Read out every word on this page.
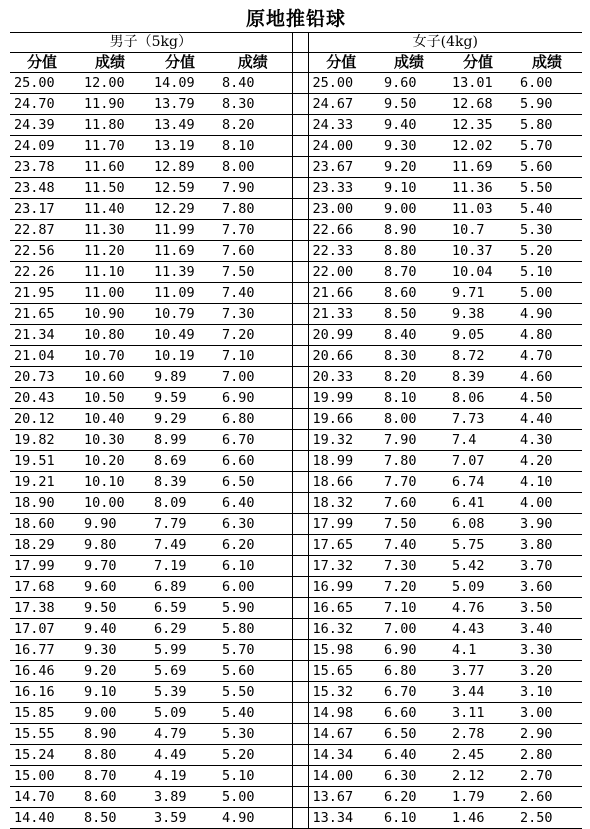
原地推铅球
男子（5kg）					女子(4kg)			
分值	成绩	分值	成绩		分值	成绩	分值	成绩
25.00	12.00	14.09	8.40		25.00	9.60	13.01	6.00
24.70	11.90	13.79	8.30		24.67	9.50	12.68	5.90
24.39	11.80	13.49	8.20		24.33	9.40	12.35	5.80
24.09	11.70	13.19	8.10		24.00	9.30	12.02	5.70
23.78	11.60	12.89	8.00		23.67	9.20	11.69	5.60
23.48	11.50	12.59	7.90		23.33	9.10	11.36	5.50
23.17	11.40	12.29	7.80		23.00	9.00	11.03	5.40
22.87	11.30	11.99	7.70		22.66	8.90	10.7	5.30
22.56	11.20	11.69	7.60		22.33	8.80	10.37	5.20
22.26	11.10	11.39	7.50		22.00	8.70	10.04	5.10
21.95	11.00	11.09	7.40		21.66	8.60	9.71	5.00
21.65	10.90	10.79	7.30		21.33	8.50	9.38	4.90
21.34	10.80	10.49	7.20		20.99	8.40	9.05	4.80
21.04	10.70	10.19	7.10		20.66	8.30	8.72	4.70
20.73	10.60	9.89	7.00		20.33	8.20	8.39	4.60
20.43	10.50	9.59	6.90		19.99	8.10	8.06	4.50
20.12	10.40	9.29	6.80		19.66	8.00	7.73	4.40
19.82	10.30	8.99	6.70		19.32	7.90	7.4	4.30
19.51	10.20	8.69	6.60		18.99	7.80	7.07	4.20
19.21	10.10	8.39	6.50		18.66	7.70	6.74	4.10
18.90	10.00	8.09	6.40		18.32	7.60	6.41	4.00
18.60	9.90	7.79	6.30		17.99	7.50	6.08	3.90
18.29	9.80	7.49	6.20		17.65	7.40	5.75	3.80
17.99	9.70	7.19	6.10		17.32	7.30	5.42	3.70
17.68	9.60	6.89	6.00		16.99	7.20	5.09	3.60
17.38	9.50	6.59	5.90		16.65	7.10	4.76	3.50
17.07	9.40	6.29	5.80		16.32	7.00	4.43	3.40
16.77	9.30	5.99	5.70		15.98	6.90	4.1	3.30
16.46	9.20	5.69	5.60		15.65	6.80	3.77	3.20
16.16	9.10	5.39	5.50		15.32	6.70	3.44	3.10
15.85	9.00	5.09	5.40		14.98	6.60	3.11	3.00
15.55	8.90	4.79	5.30		14.67	6.50	2.78	2.90
15.24	8.80	4.49	5.20		14.34	6.40	2.45	2.80
15.00	8.70	4.19	5.10		14.00	6.30	2.12	2.70
14.70	8.60	3.89	5.00		13.67	6.20	1.79	2.60
14.40	8.50	3.59	4.90		13.34	6.10	1.46	2.50
